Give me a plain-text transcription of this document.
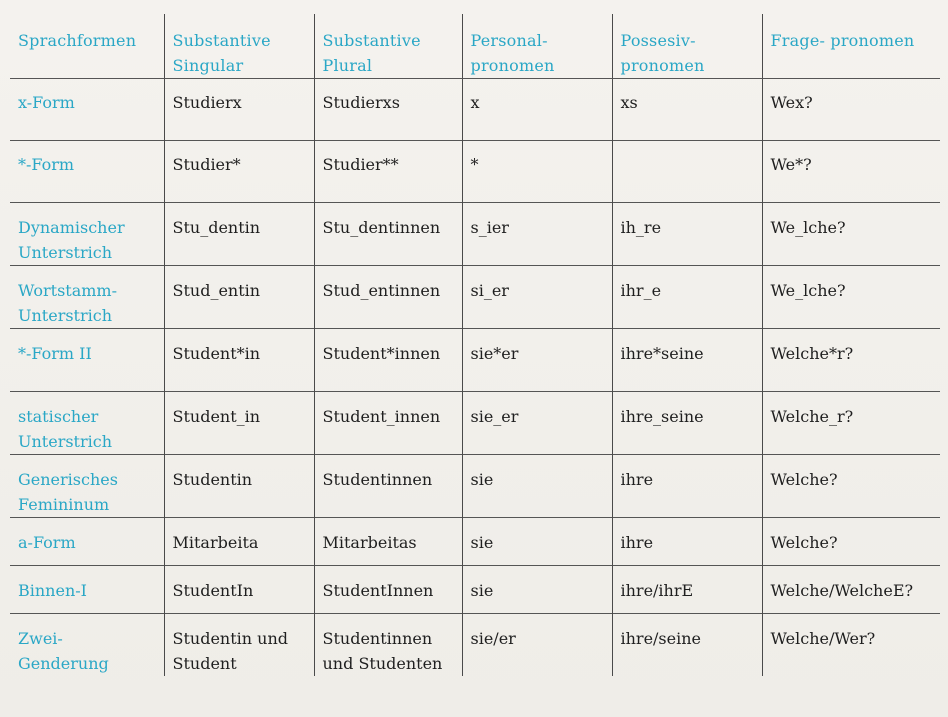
Sprachformen	Substantive Singular	Substantive Plural	Personal- pronomen	Possesiv- pronomen	Frage- pronomen
x-Form	Studierx	Studierxs	x	xs	Wex?
*-Form	Studier*	Studier**	*		We*?
Dynamischer Unterstrich	Stu_dentin	Stu_dentinnen	s_ier	ih_re	We_lche?
Wortstamm- Unterstrich	Stud_entin	Stud_entinnen	si_er	ihr_e	We_lche?
*-Form II	Student*in	Student*innen	sie*er	ihre*seine	Welche*r?
statischer Unterstrich	Student_in	Student_innen	sie_er	ihre_seine	Welche_r?
Generisches Femininum	Studentin	Studentinnen	sie	ihre	Welche?
a-Form	Mitarbeita	Mitarbeitas	sie	ihre	Welche?
Binnen-I	StudentIn	StudentInnen	sie	ihre/ihrE	Welche/WelcheE?
Zwei- Genderung	Studentin und Student	Studentinnen und Studenten	sie/er	ihre/seine	Welche/Wer?
